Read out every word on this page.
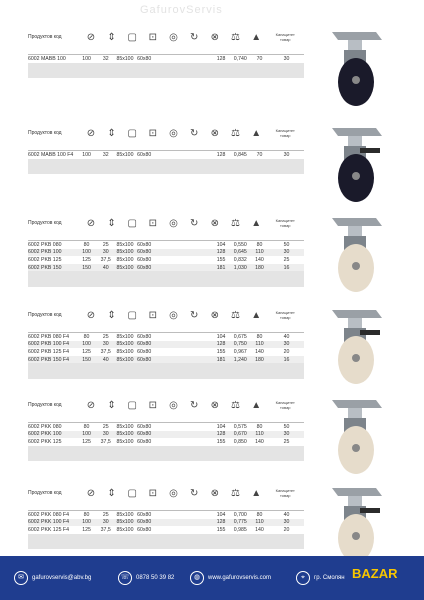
GafurovServis
Продуктов код	⊘	⇕	▢	⊡	◎	↻	⊗	⚖	▲	Капацитет
товар
6002 MABB 100	100	32	85x100 60x80	128	0,740	70	30
Продуктов код	⊘	⇕	▢	⊡	◎	↻	⊗	⚖	▲	Капацитет
товар
6002 MABB 100 F4	100	32	85x100 60x80	128	0,845	70	30
Продуктов код	⊘	⇕	▢	⊡	◎	↻	⊗	⚖	▲	Капацитет
товар
6002 PKB 080	80	25	85x100 60x80	104	0,550	80	50
6002 PKB 100	100	30	85x100 60x80	128	0,645	110	30
6002 PKB 125	125	37,5	85x100 60x80	155	0,832	140	25
6002 PKB 150	150	40	85x100 60x80	181	1,030	180	16
Продуктов код	⊘	⇕	▢	⊡	◎	↻	⊗	⚖	▲	Капацитет
товар
6002 PKB 080 F4	80	25	85x100 60x80	104	0,675	80	40
6002 PKB 100 F4	100	30	85x100 60x80	128	0,750	110	30
6002 PKB 125 F4	125	37,5	85x100 60x80	155	0,967	140	20
6002 PKB 150 F4	150	40	85x100 60x80	181	1,240	180	16
Продуктов код	⊘	⇕	▢	⊡	◎	↻	⊗	⚖	▲	Капацитет
товар
6002 PKK 080	80	25	85x100 60x80	104	0,575	80	50
6002 PKK 100	100	30	85x100 60x80	128	0,670	110	30
6002 PKK 125	125	37,5	85x100 60x80	155	0,850	140	25
Продуктов код	⊘	⇕	▢	⊡	◎	↻	⊗	⚖	▲	Капацитет
товар
6002 PKK 080 F4	80	25	85x100 60x80	104	0,700	80	40
6002 PKK 100 F4	100	30	85x100 60x80	128	0,775	110	30
6002 PKK 125 F4	125	37,5	85x100 60x80	155	0,985	140	20
✉	gafurovservis@abv.bg	☏	0878 50 39 82	◍	www.gafurovservis.com	⌖	гр. Смолян BAZAR
